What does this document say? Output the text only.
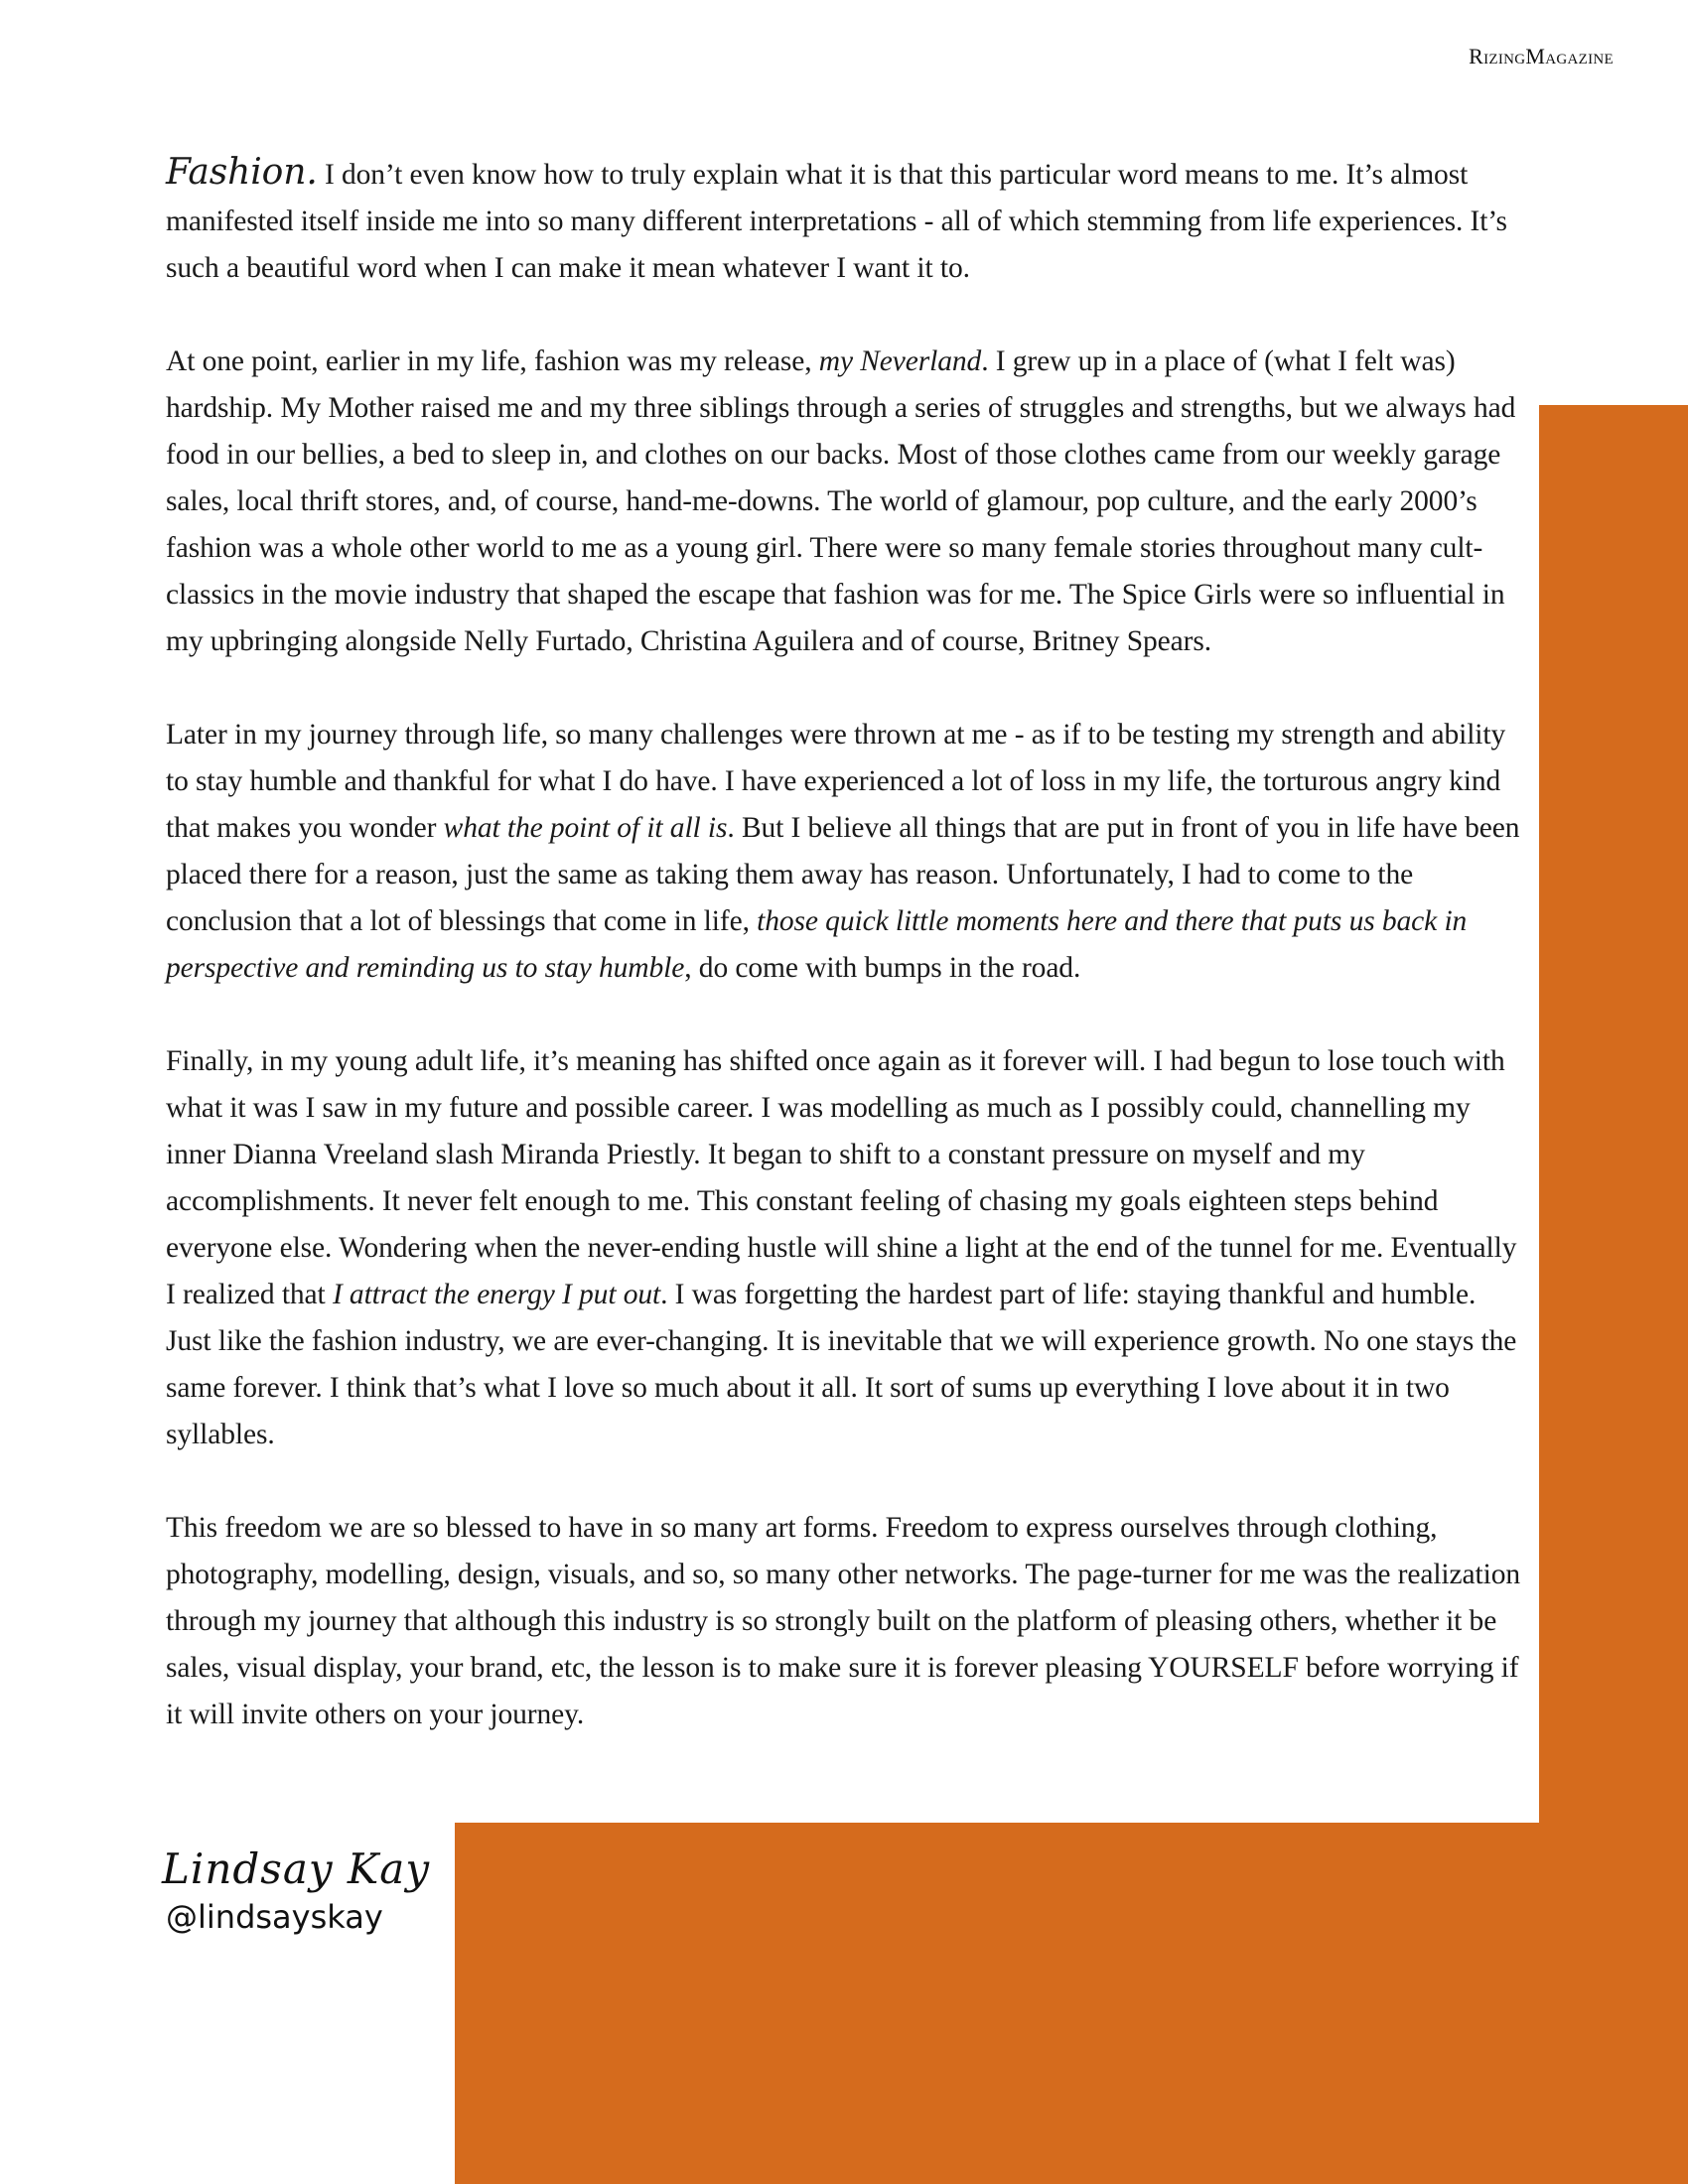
RizingMagazine

Fashion. I don’t even know how to truly explain what it is that this particular word means to me. It’s almost manifested itself inside me into so many different interpretations - all of which stemming from life experiences. It’s such a beautiful word when I can make it mean whatever I want it to.

At one point, earlier in my life, fashion was my release, my Neverland. I grew up in a place of (what I felt was) hardship. My Mother raised me and my three siblings through a series of struggles and strengths, but we always had food in our bellies, a bed to sleep in, and clothes on our backs. Most of those clothes came from our weekly garage sales, local thrift stores, and, of course, hand-me-downs. The world of glamour, pop culture, and the early 2000’s fashion was a whole other world to me as a young girl. There were so many female stories throughout many cult-classics in the movie industry that shaped the escape that fashion was for me. The Spice Girls were so influential in my upbringing alongside Nelly Furtado, Christina Aguilera and of course, Britney Spears.

Later in my journey through life, so many challenges were thrown at me - as if to be testing my strength and ability to stay humble and thankful for what I do have. I have experienced a lot of loss in my life, the torturous angry kind that makes you wonder what the point of it all is. But I believe all things that are put in front of you in life have been placed there for a reason, just the same as taking them away has reason. Unfortunately, I had to come to the conclusion that a lot of blessings that come in life, those quick little moments here and there that puts us back in perspective and reminding us to stay humble, do come with bumps in the road.

Finally, in my young adult life, it’s meaning has shifted once again as it forever will. I had begun to lose touch with what it was I saw in my future and possible career. I was modelling as much as I possibly could, channelling my inner Dianna Vreeland slash Miranda Priestly. It began to shift to a constant pressure on myself and my accomplishments. It never felt enough to me. This constant feeling of chasing my goals eighteen steps behind everyone else. Wondering when the never-ending hustle will shine a light at the end of the tunnel for me. Eventually I realized that I attract the energy I put out. I was forgetting the hardest part of life: staying thankful and humble. Just like the fashion industry, we are ever-changing. It is inevitable that we will experience growth. No one stays the same forever. I think that’s what I love so much about it all. It sort of sums up everything I love about it in two syllables.

This freedom we are so blessed to have in so many art forms. Freedom to express ourselves through clothing, photography, modelling, design, visuals, and so, so many other networks. The page-turner for me was the realization through my journey that although this industry is so strongly built on the platform of pleasing others, whether it be sales, visual display, your brand, etc, the lesson is to make sure it is forever pleasing YOURSELF before worrying if it will invite others on your journey.

Lindsay Kay
@lindsayskay
